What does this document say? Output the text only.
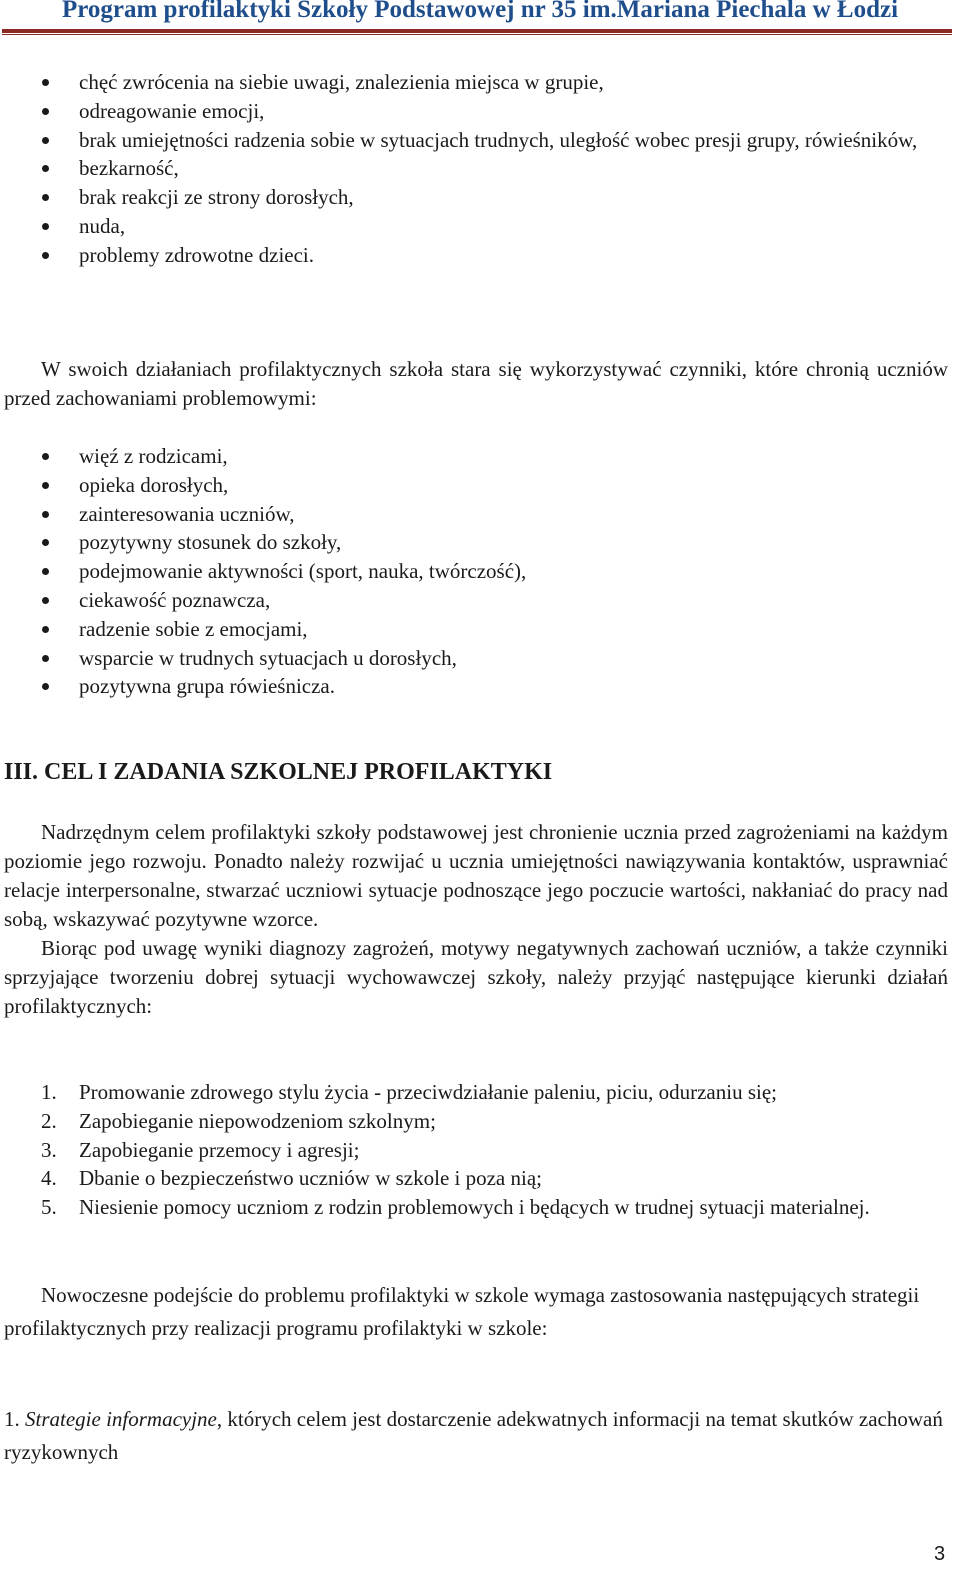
Program profilaktyki Szkoły Podstawowej nr 35 im.Mariana Piechala w Łodzi
chęć zwrócenia na siebie uwagi, znalezienia miejsca w grupie,
odreagowanie emocji,
brak umiejętności radzenia sobie w sytuacjach trudnych, uległość wobec presji grupy, rówieśników,
bezkarność,
brak reakcji ze strony dorosłych,
nuda,
problemy zdrowotne dzieci.

W swoich działaniach profilaktycznych szkoła stara się wykorzystywać czynniki, które chronią uczniów przed zachowaniami problemowymi:

więź z rodzicami,
opieka dorosłych,
zainteresowania uczniów,
pozytywny stosunek do szkoły,
podejmowanie aktywności (sport, nauka, twórczość),
ciekawość poznawcza,
radzenie sobie z emocjami,
wsparcie w trudnych sytuacjach u dorosłych,
pozytywna grupa rówieśnicza.
III. CEL I ZADANIA SZKOLNEJ PROFILAKTYKI

Nadrzędnym celem profilaktyki szkoły podstawowej jest chronienie ucznia przed zagrożeniami na każdym poziomie jego rozwoju. Ponadto należy rozwijać u ucznia umiejętności nawiązywania kontaktów, usprawniać relacje interpersonalne, stwarzać uczniowi sytuacje podnoszące jego poczucie wartości, nakłaniać do pracy nad sobą, wskazywać pozytywne wzorce.

Biorąc pod uwagę wyniki diagnozy zagrożeń, motywy negatywnych zachowań uczniów, a także czynniki sprzyjające tworzeniu dobrej sytuacji wychowawczej szkoły, należy przyjąć następujące kierunki działań profilaktycznych:

1. Promowanie zdrowego stylu życia - przeciwdziałanie paleniu, piciu, odurzaniu się;
2. Zapobieganie niepowodzeniom szkolnym;
3. Zapobieganie przemocy i agresji;
4. Dbanie o bezpieczeństwo uczniów w szkole i poza nią;
5. Niesienie pomocy uczniom z rodzin problemowych i będących w trudnej sytuacji materialnej.

Nowoczesne podejście do problemu profilaktyki w szkole wymaga zastosowania następujących strategii profilaktycznych przy realizacji programu profilaktyki w szkole:

1. Strategie informacyjne, których celem jest dostarczenie adekwatnych informacji na temat skutków zachowań ryzykownych

3
